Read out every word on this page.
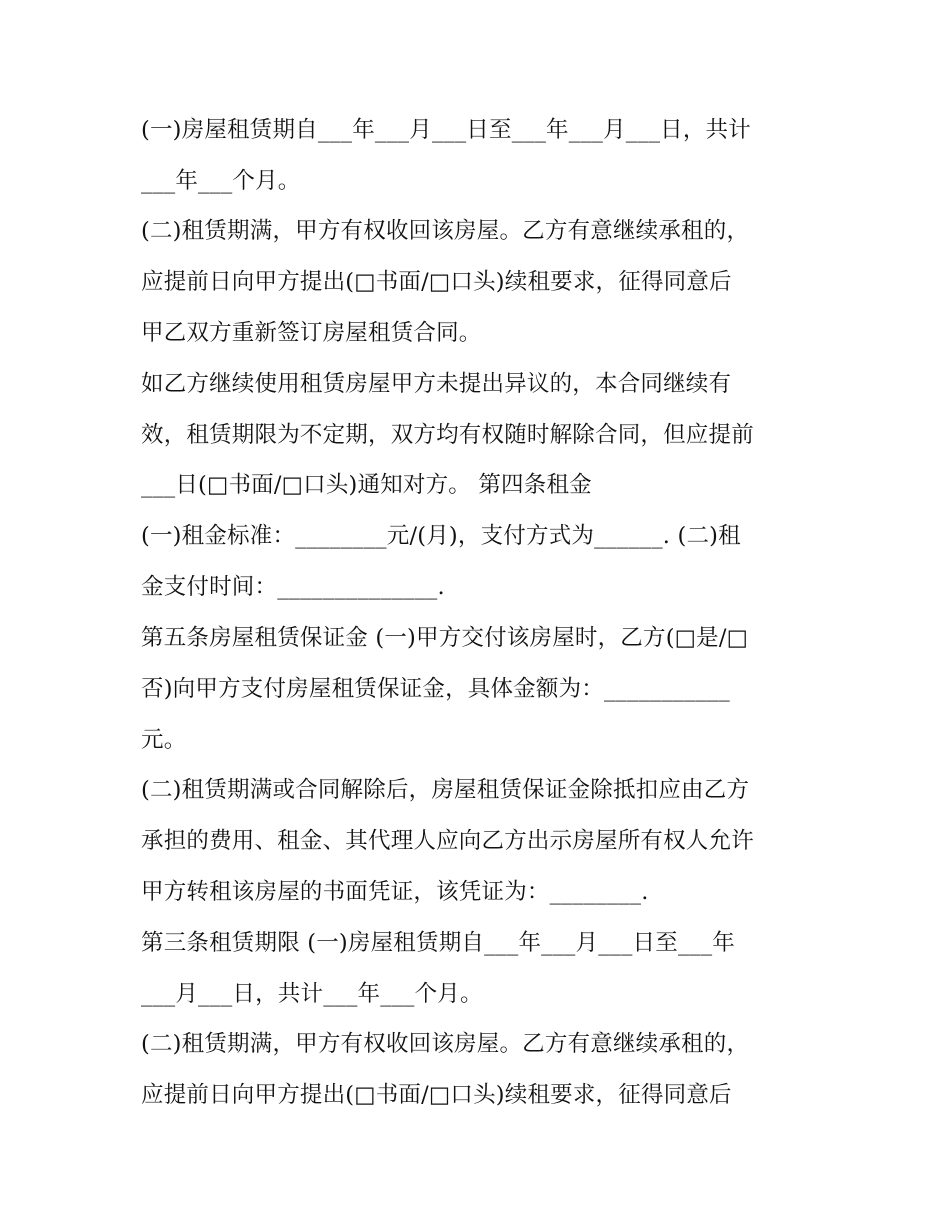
(一)房屋租赁期自___年___月___日至___年___月___日，共计
___年___个月。
(二)租赁期满，甲方有权收回该房屋。乙方有意继续承租的，
应提前日向甲方提出(□书面/□口头)续租要求，征得同意后
甲乙双方重新签订房屋租赁合同。
如乙方继续使用租赁房屋甲方未提出异议的，本合同继续有
效，租赁期限为不定期，双方均有权随时解除合同，但应提前
___日(□书面/□口头)通知对方。 第四条租金
(一)租金标准：________元/(月)，支付方式为______. (二)租
金支付时间：______________.
第五条房屋租赁保证金 (一)甲方交付该房屋时，乙方(□是/□
否)向甲方支付房屋租赁保证金，具体金额为：___________
元。
(二)租赁期满或合同解除后，房屋租赁保证金除抵扣应由乙方
承担的费用、租金、其代理人应向乙方出示房屋所有权人允许
甲方转租该房屋的书面凭证，该凭证为：________.
第三条租赁期限 (一)房屋租赁期自___年___月___日至___年
___月___日，共计___年___个月。
(二)租赁期满，甲方有权收回该房屋。乙方有意继续承租的，
应提前日向甲方提出(□书面/□口头)续租要求，征得同意后
